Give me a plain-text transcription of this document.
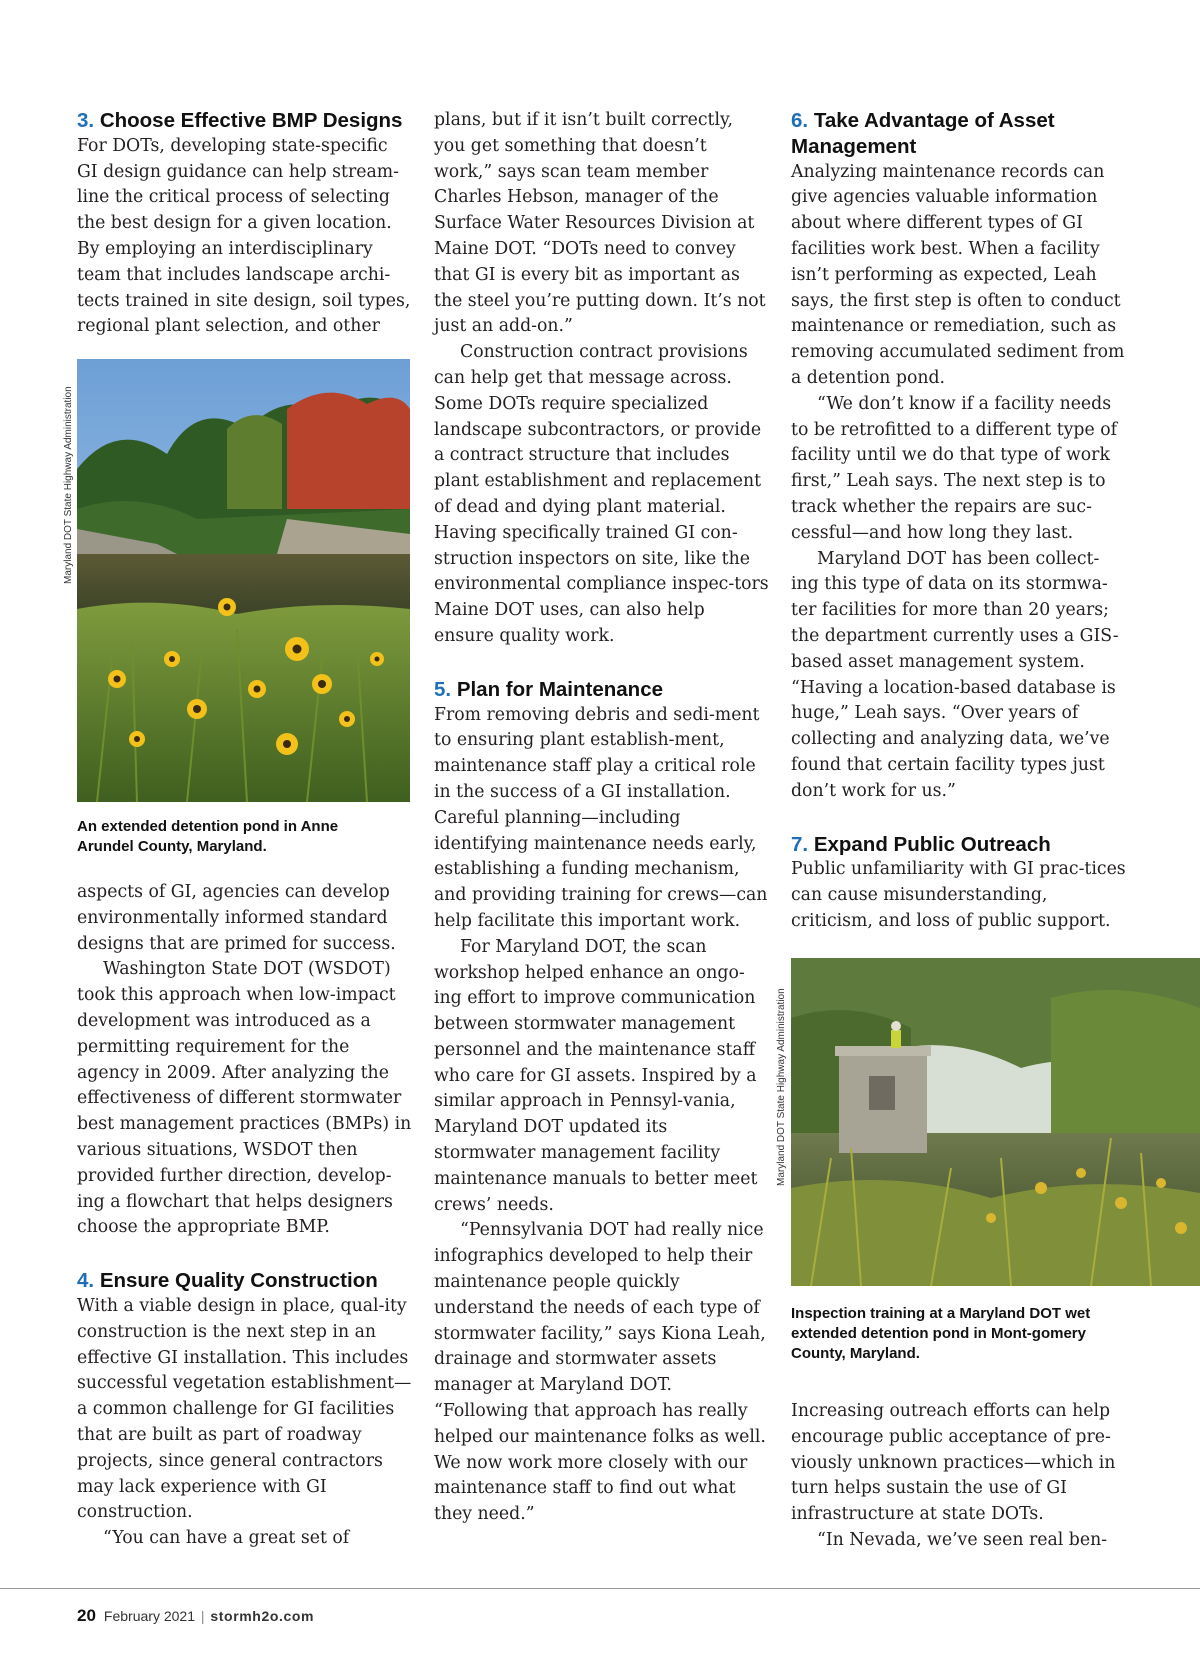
3. Choose Effective BMP Designs

For DOTs, developing state-specific GI design guidance can help stream-line the critical process of selecting the best design for a given location. By employing an interdisciplinary team that includes landscape archi-tects trained in site design, soil types, regional plant selection, and other

Maryland DOT State Highway Administration
An extended detention pond in Anne Arundel County, Maryland.

aspects of GI, agencies can develop environmentally informed standard designs that are primed for success.

Washington State DOT (WSDOT) took this approach when low-impact development was introduced as a permitting requirement for the agency in 2009. After analyzing the effectiveness of different stormwater best management practices (BMPs) in various situations, WSDOT then provided further direction, develop-ing a flowchart that helps designers choose the appropriate BMP.

4. Ensure Quality Construction

With a viable design in place, qual-ity construction is the next step in an effective GI installation. This includes successful vegetation establishment—a common challenge for GI facilities that are built as part of roadway projects, since general contractors may lack experience with GI construction.

“You can have a great set of

plans, but if it isn’t built correctly, you get something that doesn’t work,” says scan team member Charles Hebson, manager of the Surface Water Resources Division at Maine DOT. “DOTs need to convey that GI is every bit as important as the steel you’re putting down. It’s not just an add-on.”

Construction contract provisions can help get that message across. Some DOTs require specialized landscape subcontractors, or provide a contract structure that includes plant establishment and replacement of dead and dying plant material. Having specifically trained GI con-struction inspectors on site, like the environmental compliance inspec-tors Maine DOT uses, can also help ensure quality work.

5. Plan for Maintenance

From removing debris and sedi-ment to ensuring plant establish-ment, maintenance staff play a critical role in the success of a GI installation. Careful planning—including identifying maintenance needs early, establishing a funding mechanism, and providing training for crews—can help facilitate this important work.

For Maryland DOT, the scan workshop helped enhance an ongo-ing effort to improve communication between stormwater management personnel and the maintenance staff who care for GI assets. Inspired by a similar approach in Pennsyl-vania, Maryland DOT updated its stormwater management facility maintenance manuals to better meet crews’ needs.

“Pennsylvania DOT had really nice infographics developed to help their maintenance people quickly understand the needs of each type of stormwater facility,” says Kiona Leah, drainage and stormwater assets manager at Maryland DOT. “Following that approach has really helped our maintenance folks as well. We now work more closely with our maintenance staff to find out what they need.”

6. Take Advantage of Asset Management

Analyzing maintenance records can give agencies valuable information about where different types of GI facilities work best. When a facility isn’t performing as expected, Leah says, the first step is often to conduct maintenance or remediation, such as removing accumulated sediment from a detention pond.

“We don’t know if a facility needs to be retrofitted to a different type of facility until we do that type of work first,” Leah says. The next step is to track whether the repairs are suc-cessful—and how long they last.

Maryland DOT has been collect-ing this type of data on its stormwa-ter facilities for more than 20 years; the department currently uses a GIS-based asset management system. “Having a location-based database is huge,” Leah says. “Over years of collecting and analyzing data, we’ve found that certain facility types just don’t work for us.”

7. Expand Public Outreach

Public unfamiliarity with GI prac-tices can cause misunderstanding, criticism, and loss of public support.

Maryland DOT State Highway Administration
Inspection training at a Maryland DOT wet extended detention pond in Mont-gomery County, Maryland.

Increasing outreach efforts can help encourage public acceptance of pre-viously unknown practices—which in turn helps sustain the use of GI infrastructure at state DOTs.

“In Nevada, we’ve seen real ben-

20 February 2021 | stormh2o.com
